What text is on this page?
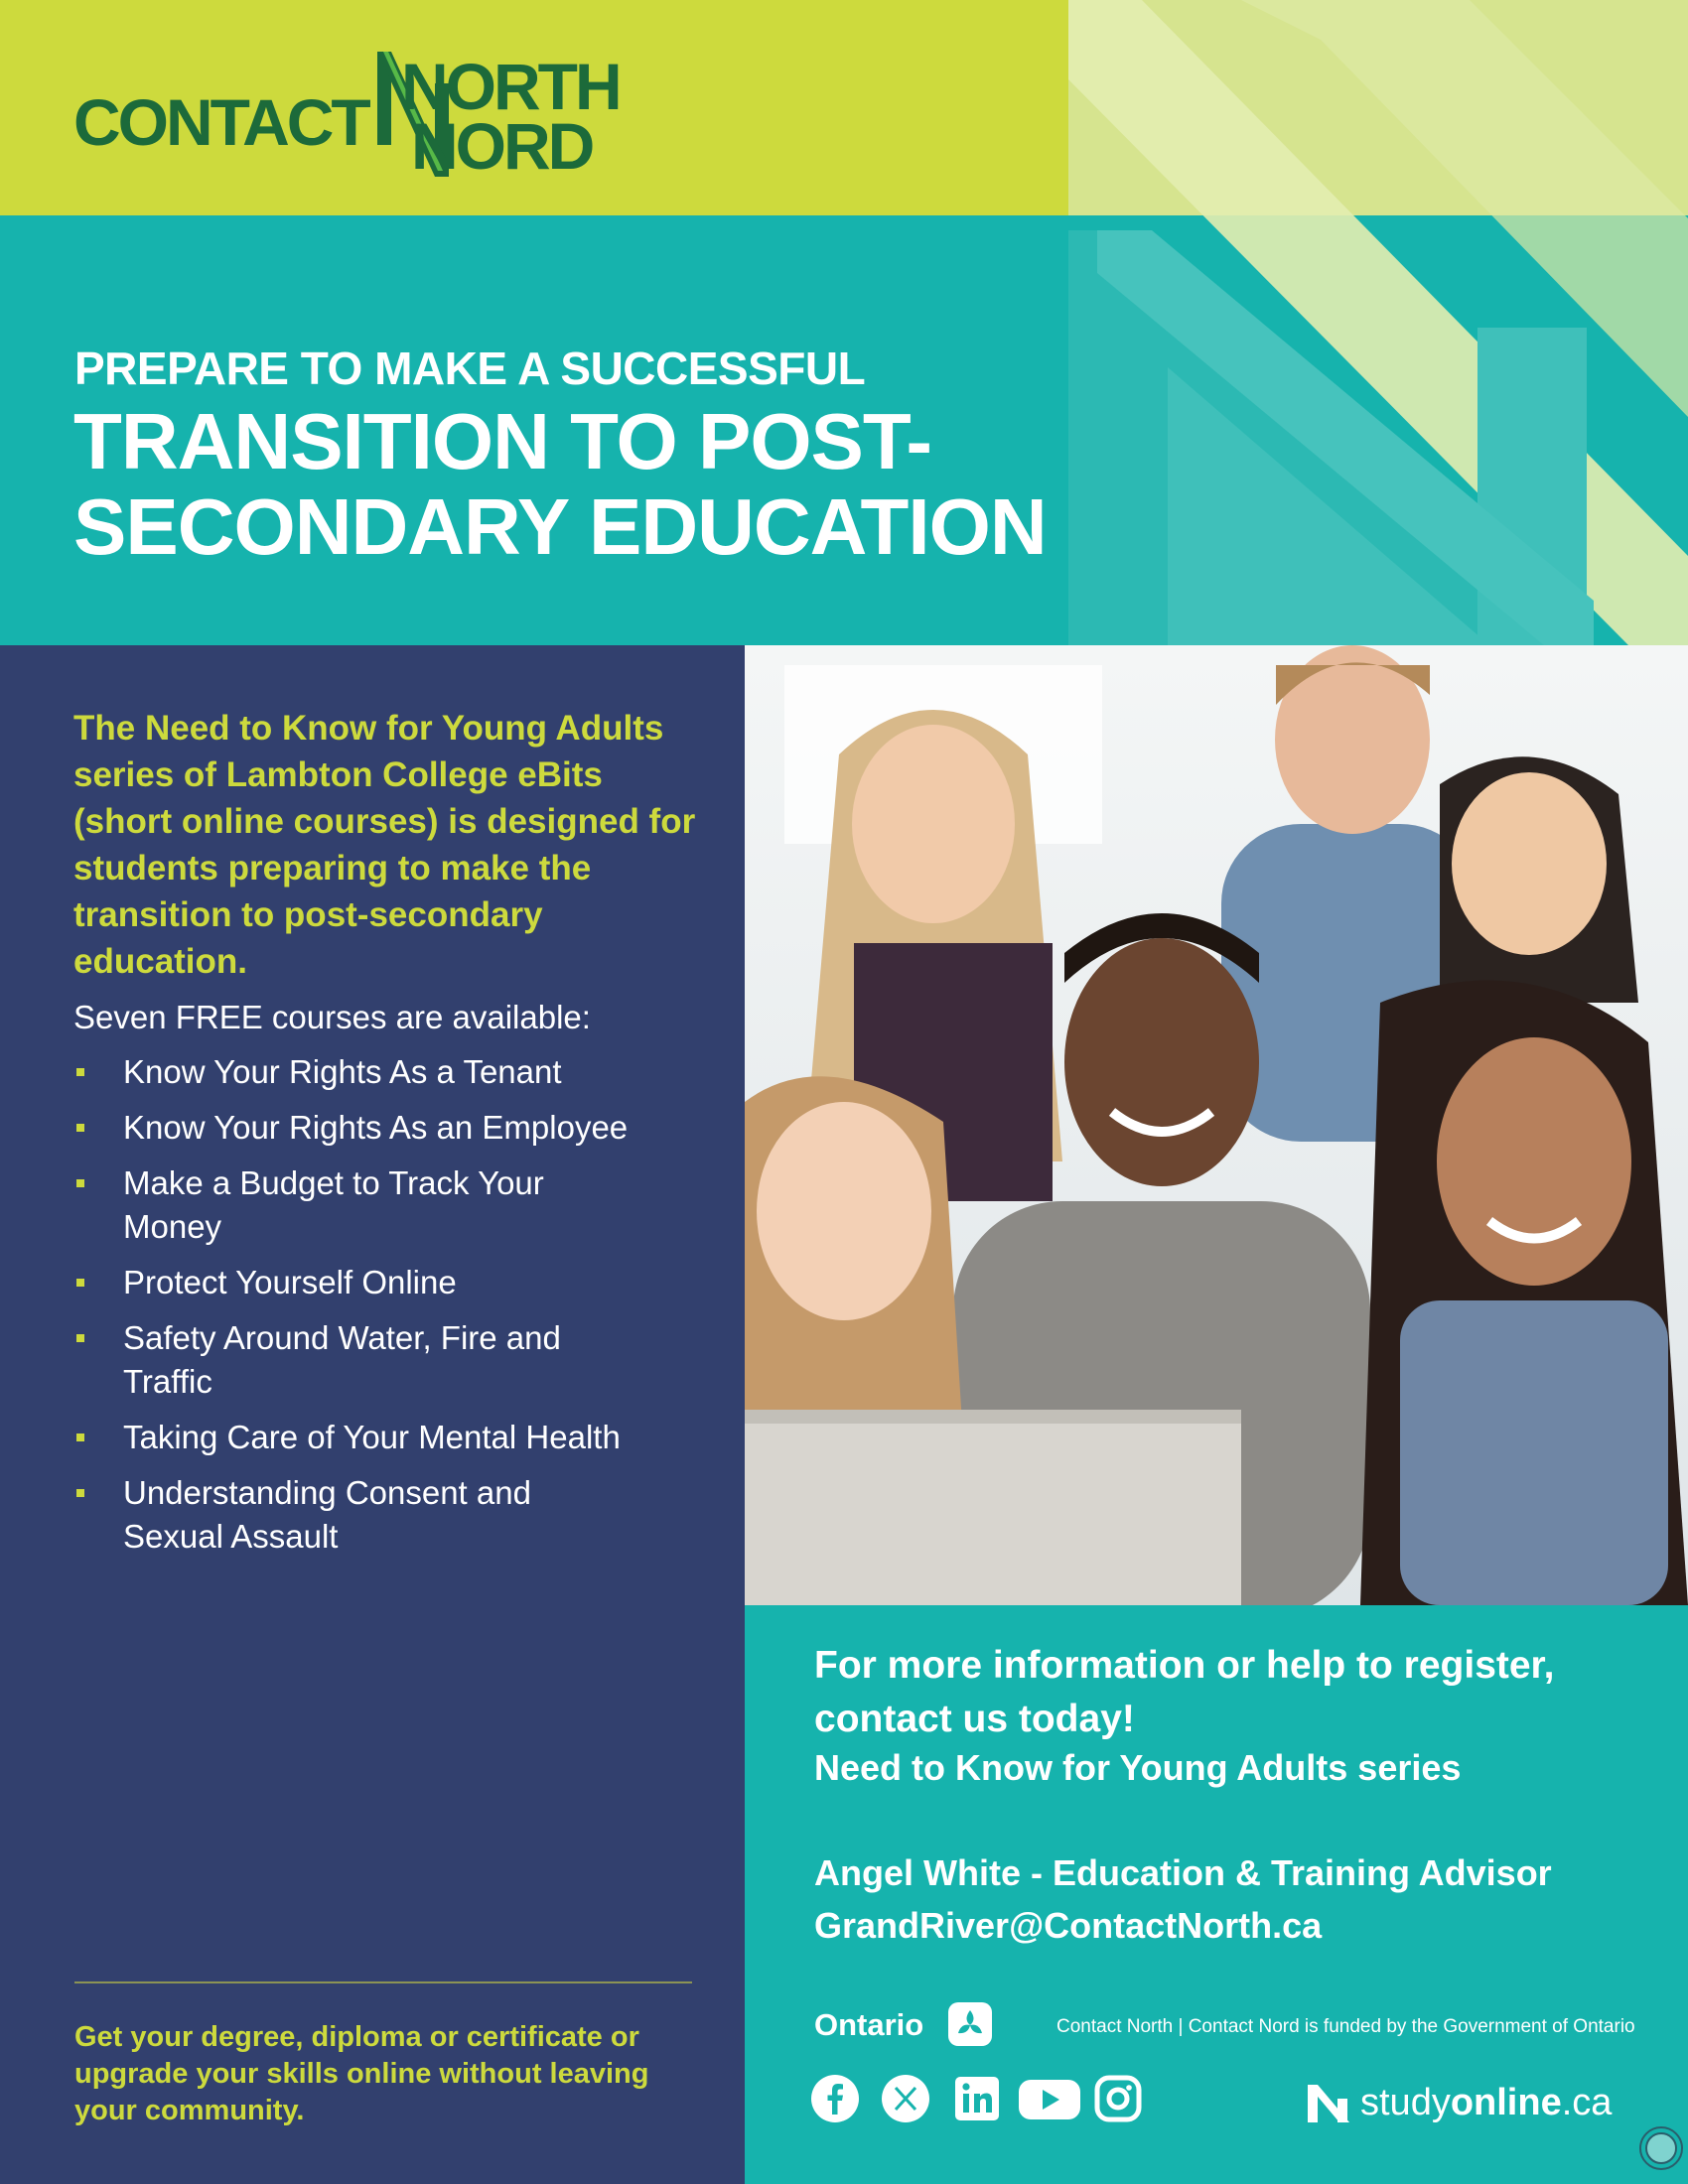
CONTACT NORTH
NORD
PREPARE TO MAKE A SUCCESSFUL
TRANSITION TO POST-
SECONDARY EDUCATION
The Need to Know for Young Adults series of Lambton College eBits (short online courses) is designed for students preparing to make the transition to post-secondary education.
Seven FREE courses are available:
Know Your Rights As a Tenant
Know Your Rights As an Employee
Make a Budget to Track Your Money
Protect Yourself Online
Safety Around Water, Fire and Traffic
Taking Care of Your Mental Health
Understanding Consent and Sexual Assault
Get your degree, diploma or certificate or upgrade your skills online without leaving your community.
For more information or help to register, contact us today!
Need to Know for Young Adults series
Angel White - Education & Training Advisor
GrandRiver@ContactNorth.ca
Ontario	Contact North | Contact Nord is funded by the Government of Ontario
studyonline.ca
